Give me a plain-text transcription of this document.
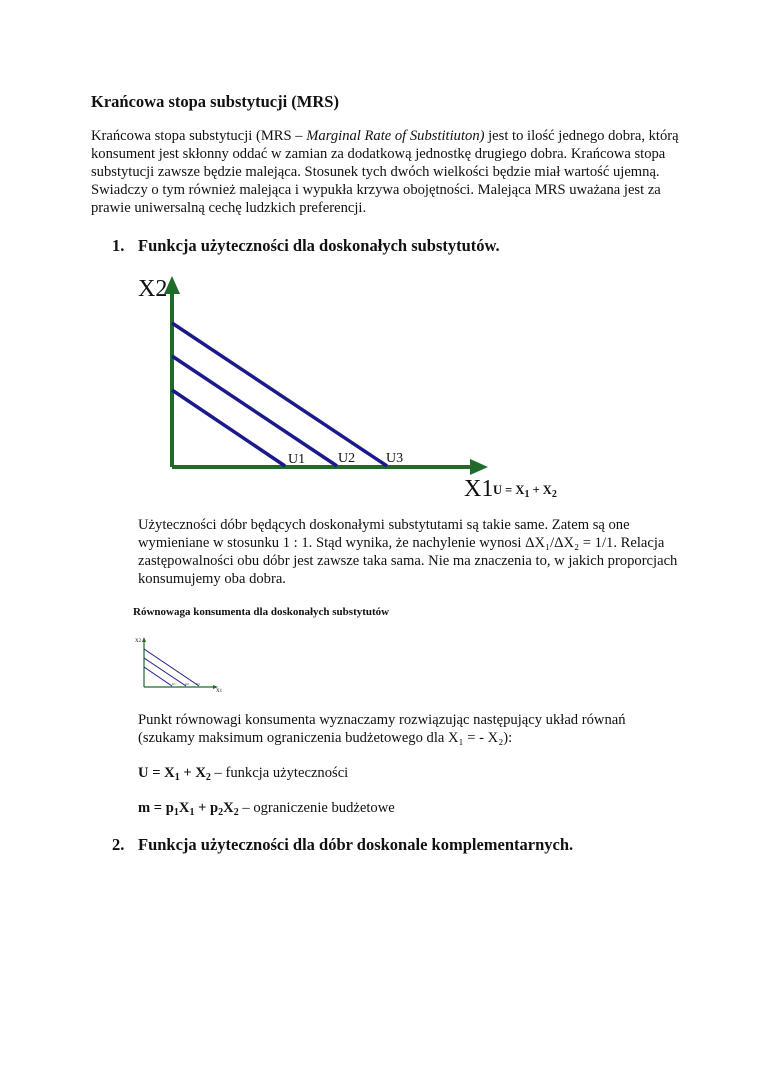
Krańcowa stopa substytucji (MRS)
Krańcowa stopa substytucji (MRS – Marginal Rate of Substitiuton) jest to ilość jednego dobra, którą konsument jest skłonny oddać w zamian za dodatkową jednostkę drugiego dobra. Krańcowa stopa substytucji zawsze będzie malejąca. Stosunek tych dwóch wielkości będzie miał wartość ujemną. Swiadczy o tym również malejąca i wypukła krzywa obojętności. Malejąca MRS uważana jest za prawie uniwersalną cechę ludzkich preferencji.
1. Funkcja użyteczności dla doskonałych substytutów.
X2
U1 U2 U3
X1 $U = X_1 + X_2$
Użyteczności dóbr będących doskonałymi substytutami są takie same. Zatem są one wymieniane w stosunku 1 : 1. Stąd wynika, że nachylenie wynosi ΔX₁/ΔX₂ = 1/1. Relacja zastępowalności obu dóbr jest zawsze taka sama. Nie ma znaczenia to, w jakich proporcjach konsumujemy oba dobra.
Równowaga konsumenta dla doskonałych substytutów
X2
U1	U2 U3
X1
Punkt równowagi konsumenta wyznaczamy rozwiązując następujący układ równań (szukamy maksimum ograniczenia budżetowego dla X₁ = - X₂):
$U = X_1 + X_2$ – funkcja użyteczności
$m = p_1X_1 + p_2X_2$ – ograniczenie budżetowe
2. Funkcja użyteczności dla dóbr doskonale komplementarnych.
